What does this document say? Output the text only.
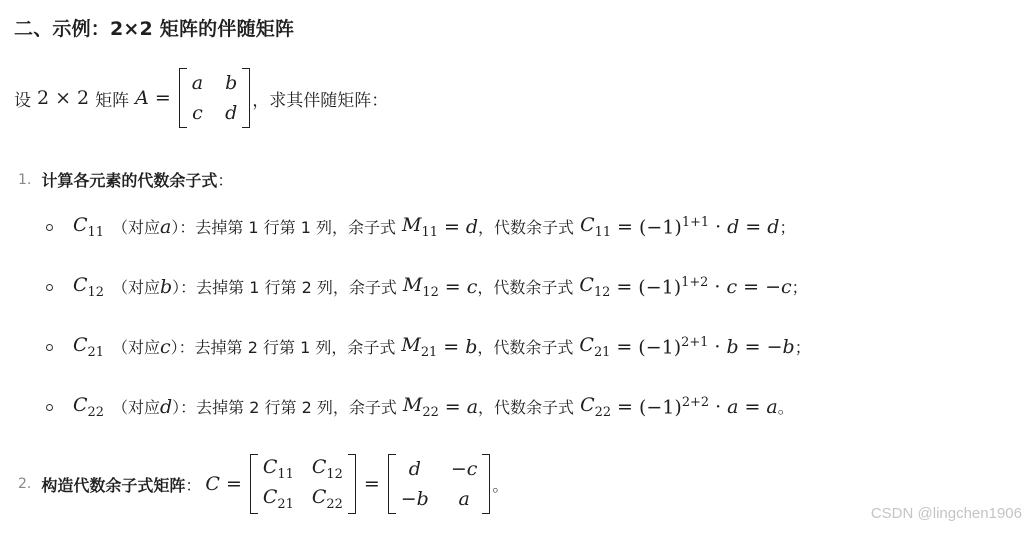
二、示例：2×2 矩阵的伴随矩阵
设 2 × 2 矩阵 A =
a b
c d
，求其伴随矩阵：
1. 计算各元素的代数余子式：
$C_{11}$ （对应 a ）：去掉第 1 行第 1 列，余子式 $M_{11} = d$ ，代数余子式 $C_{11} = (-1)^{1+1} \cdot d = d$ ；
$C_{12}$ （对应 b ）：去掉第 1 行第 2 列，余子式 $M_{12} = c$ ，代数余子式 $C_{12} = (-1)^{1+2} \cdot c = -c$ ；
$C_{21}$ （对应 c ）：去掉第 2 行第 1 列，余子式 $M_{21} = b$ ，代数余子式 $C_{21} = (-1)^{2+1} \cdot b = -b$ ；
$C_{22}$ （对应 d ）：去掉第 2 行第 2 列，余子式 $M_{22} = a$ ，代数余子式 $C_{22} = (-1)^{2+2} \cdot a = a$ 。
2. 构造代数余子式矩阵 ： C =
$C_{11}$ $C_{12}$
$C_{21}$ $C_{22}$
=
d	−c
−b	a
。
CSDN @lingchen1906
